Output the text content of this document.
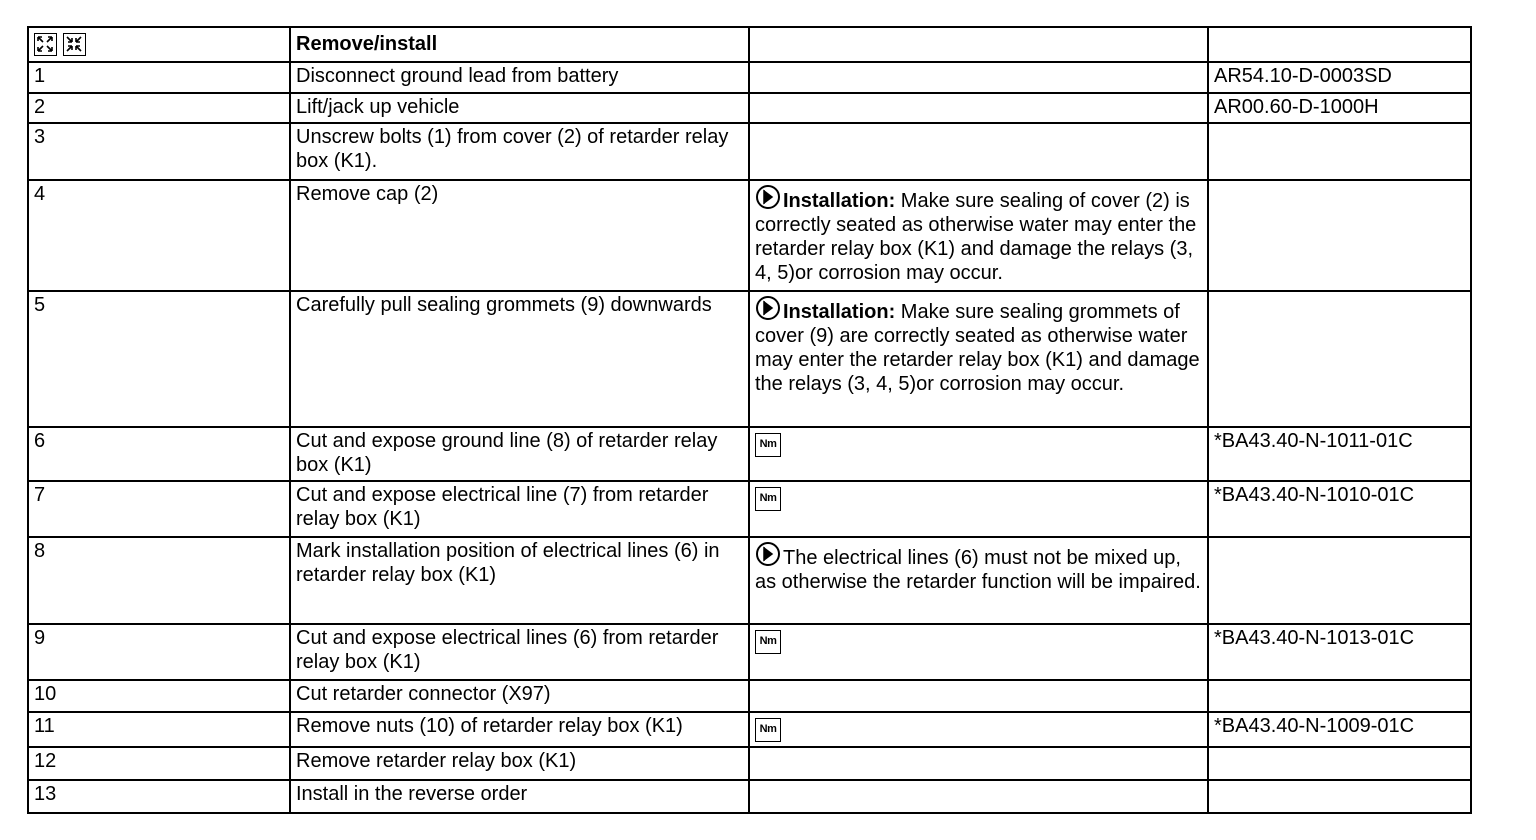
	Remove/install		
1	Disconnect ground lead from battery		AR54.10-D-0003SD
2	Lift/jack up vehicle		AR00.60-D-1000H
3	Unscrew bolts (1) from cover (2) of retarder relay box (K1).		
4	Remove cap (2)	Installation: Make sure sealing of cover (2) is correctly seated as otherwise water may enter the retarder relay box (K1) and damage the relays (3, 4, 5)or corrosion may occur.	
5	Carefully pull sealing grommets (9) downwards	Installation: Make sure sealing grommets of cover (9) are correctly seated as otherwise water may enter the retarder relay box (K1) and damage the relays (3, 4, 5)or corrosion may occur.	
6	Cut and expose ground line (8) of retarder relay box (K1)	Nm	*BA43.40-N-1011-01C
7	Cut and expose electrical line (7) from retarder relay box (K1)	Nm	*BA43.40-N-1010-01C
8	Mark installation position of electrical lines (6) in retarder relay box (K1)	The electrical lines (6) must not be mixed up, as otherwise the retarder function will be impaired.	
9	Cut and expose electrical lines (6) from retarder relay box (K1)	Nm	*BA43.40-N-1013-01C
10	Cut retarder connector (X97)		
11	Remove nuts (10) of retarder relay box (K1)	Nm	*BA43.40-N-1009-01C
12	Remove retarder relay box (K1)		
13	Install in the reverse order		
